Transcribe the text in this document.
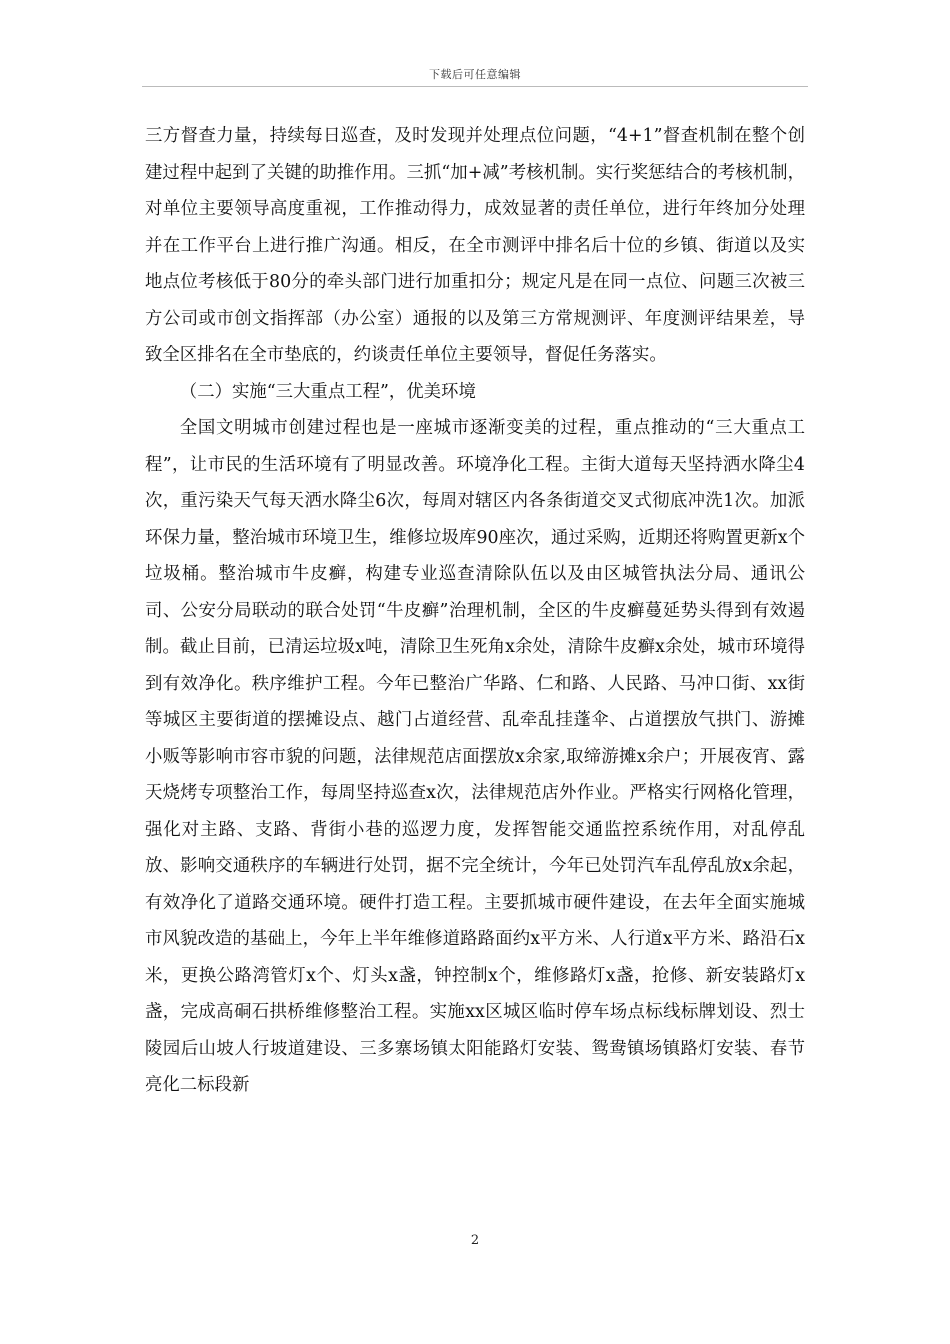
下载后可任意编辑

三方督查力量，持续每日巡查，及时发现并处理点位问题，“4+1”督查机制在整个创建过程中起到了关键的助推作用。三抓“加+减”考核机制。实行奖惩结合的考核机制，对单位主要领导高度重视，工作推动得力，成效显著的责任单位，进行年终加分处理并在工作平台上进行推广沟通。相反，在全市测评中排名后十位的乡镇、街道以及实地点位考核低于80分的牵头部门进行加重扣分；规定凡是在同一点位、问题三次被三方公司或市创文指挥部（办公室）通报的以及第三方常规测评、年度测评结果差，导致全区排名在全市垫底的，约谈责任单位主要领导，督促任务落实。

（二）实施“三大重点工程”，优美环境

全国文明城市创建过程也是一座城市逐渐变美的过程，重点推动的“三大重点工程”，让市民的生活环境有了明显改善。环境净化工程。主街大道每天坚持洒水降尘4次，重污染天气每天洒水降尘6次，每周对辖区内各条街道交叉式彻底冲洗1次。加派环保力量，整治城市环境卫生，维修垃圾库90座次，通过采购，近期还将购置更新x个垃圾桶。整治城市牛皮癣，构建专业巡查清除队伍以及由区城管执法分局、通讯公司、公安分局联动的联合处罚“牛皮癣”治理机制，全区的牛皮癣蔓延势头得到有效遏制。截止目前，已清运垃圾x吨，清除卫生死角x余处，清除牛皮癣x余处，城市环境得到有效净化。秩序维护工程。今年已整治广华路、仁和路、人民路、马冲口街、xx街等城区主要街道的摆摊设点、越门占道经营、乱牵乱挂蓬伞、占道摆放气拱门、游摊小贩等影响市容市貌的问题，法律规范店面摆放x余家,取缔游摊x余户；开展夜宵、露天烧烤专项整治工作，每周坚持巡查x次，法律规范店外作业。严格实行网格化管理，强化对主路、支路、背街小巷的巡逻力度，发挥智能交通监控系统作用，对乱停乱放、影响交通秩序的车辆进行处罚，据不完全统计，今年已处罚汽车乱停乱放x余起，有效净化了道路交通环境。硬件打造工程。主要抓城市硬件建设，在去年全面实施城市风貌改造的基础上，今年上半年维修道路路面约x平方米、人行道x平方米、路沿石x米，更换公路湾管灯x个、灯头x盏，钟控制x个，维修路灯x盏，抢修、新安装路灯x盏，完成高硐石拱桥维修整治工程。实施xx区城区临时停车场点标线标牌划设、烈士陵园后山坡人行坡道建设、三多寨场镇太阳能路灯安装、鸳鸯镇场镇路灯安装、春节亮化二标段新

2
